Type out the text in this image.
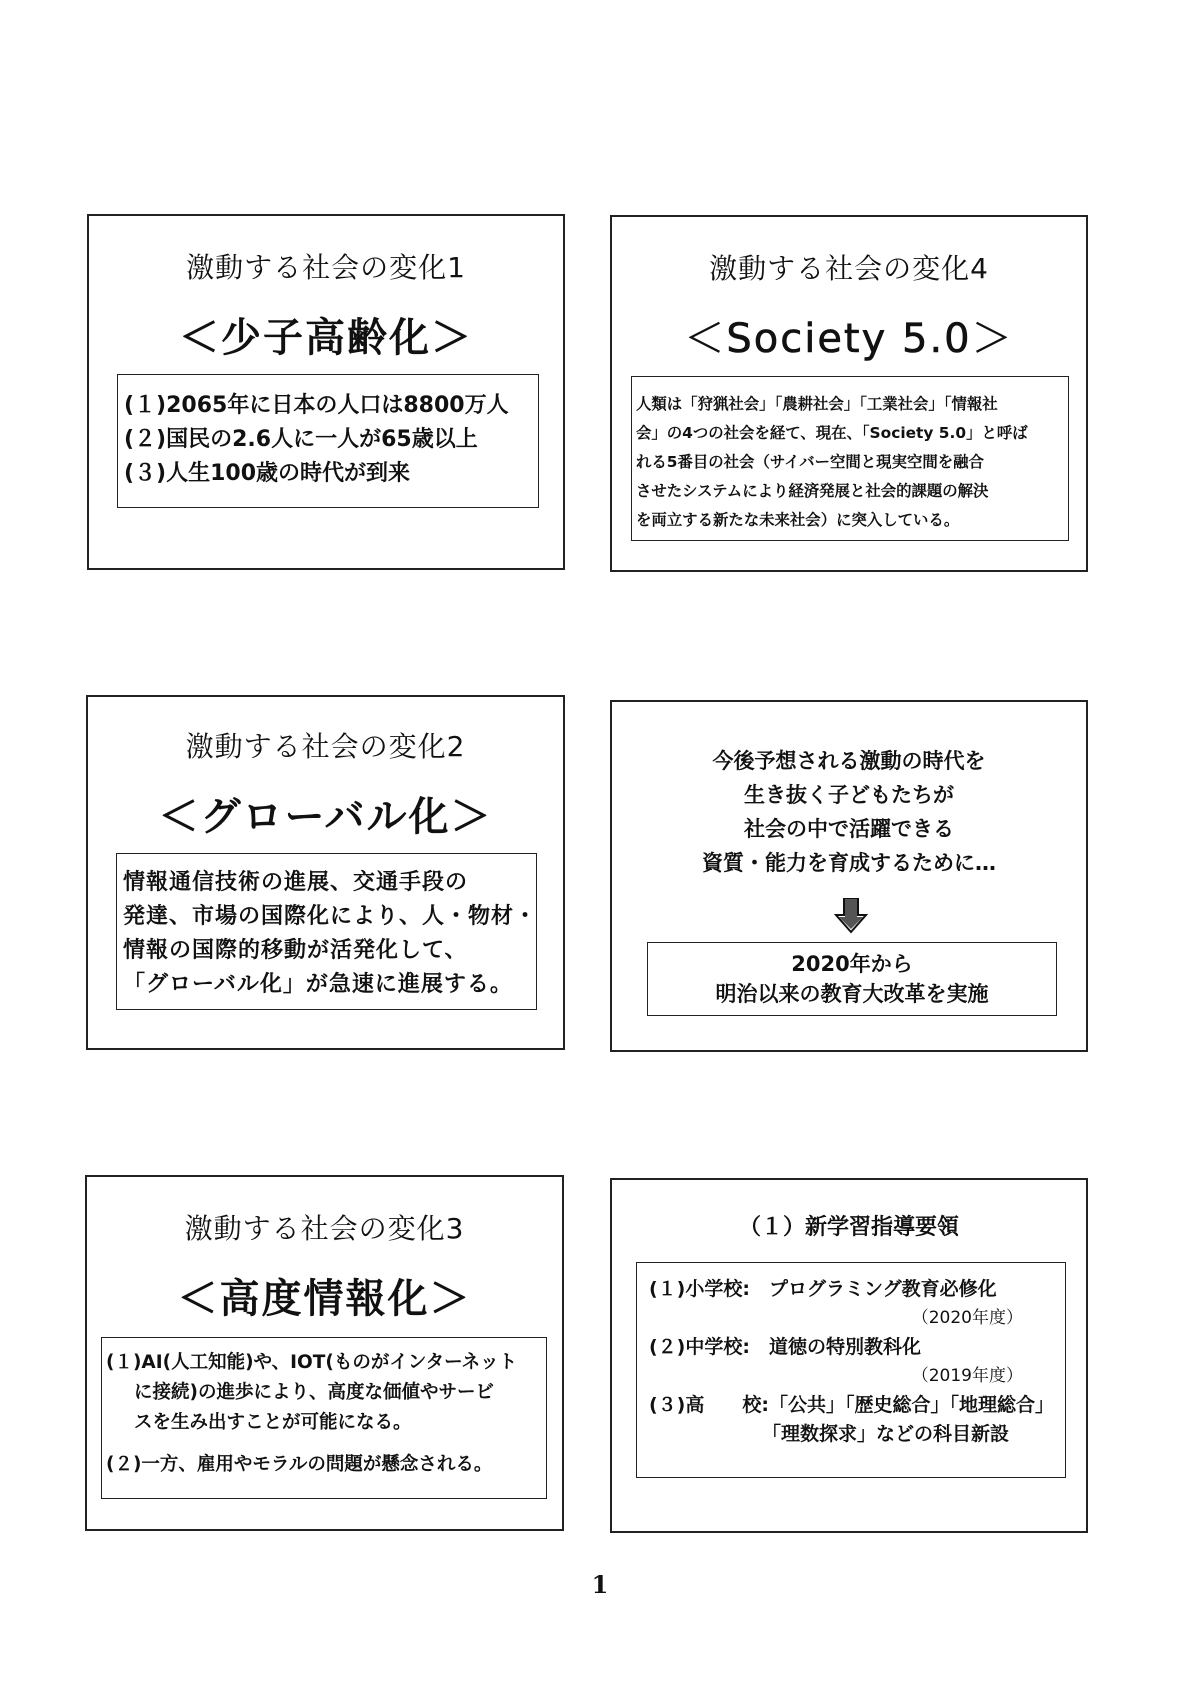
激動する社会の変化1
＜少子高齢化＞
(１)2065年に日本の人口は8800万人
(２)国民の2.6人に一人が65歳以上
(３)人生100歳の時代が到来
激動する社会の変化4
＜Society 5.0＞
人類は「狩猟社会」「農耕社会」「工業社会」「情報社
会」の4つの社会を経て、現在、「Society 5.0」と呼ば
れる5番目の社会（サイバー空間と現実空間を融合
させたシステムにより経済発展と社会的課題の解決
を両立する新たな未来社会）に突入している。
激動する社会の変化2
＜グローバル化＞
情報通信技術の進展、交通手段の
発達、市場の国際化により、人・物材・
情報の国際的移動が活発化して、
「グローバル化」が急速に進展する。
今後予想される激動の時代を
生き抜く子どもたちが
社会の中で活躍できる
資質・能力を育成するために…
2020年から
明治以来の教育大改革を実施
激動する社会の変化3
＜高度情報化＞
(１)AI(人工知能)や、IOT(ものがインターネット
に接続)の進歩により、高度な価値やサービ
スを生み出すことが可能になる。
(２)一方、雇用やモラルの問題が懸念される。
（１）新学習指導要領
(１)小学校:　プログラミング教育必修化
（2020年度）
(２)中学校:　道徳の特別教科化
（2019年度）
(３)高　　校:「公共」「歴史総合」「地理総合」
「理数探求」などの科目新設
1
